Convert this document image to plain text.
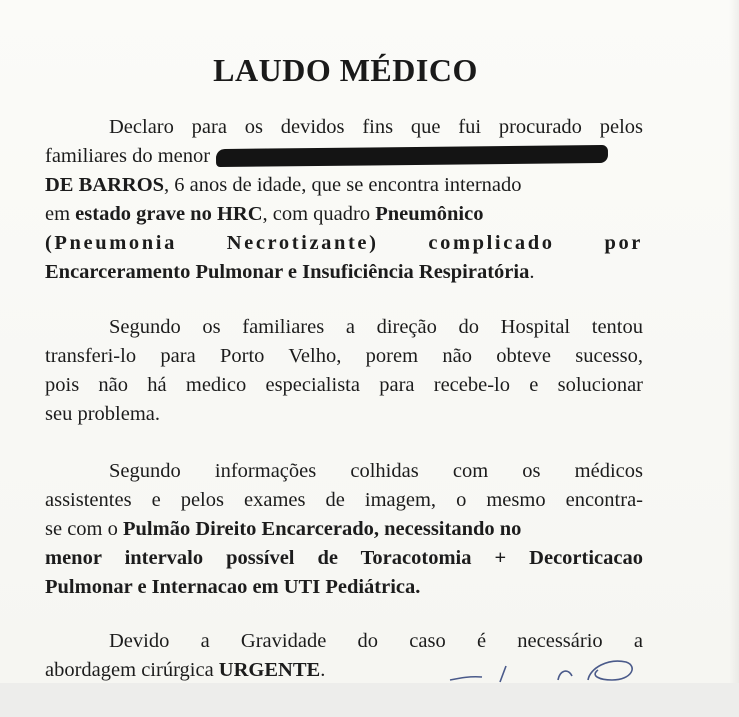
LAUDO MÉDICO
Declaro para os devidos fins que fui procurado pelos
familiares do menor
DE BARROS, 6 anos de idade, que se encontra internado
em estado grave no HRC, com quadro Pneumônico
(Pneumonia Necrotizante) complicado por
Encarceramento Pulmonar e Insuficiência Respiratória.
Segundo os familiares a direção do Hospital tentou
transferi-lo para Porto Velho, porem não obteve sucesso,
pois não há medico especialista para recebe-lo e solucionar
seu problema.
Segundo informações colhidas com os médicos
assistentes e pelos exames de imagem, o mesmo encontra-
se com o Pulmão Direito Encarcerado, necessitando no
menor intervalo possível de Toracotomia + Decorticacao
Pulmonar e Internacao em UTI Pediátrica.
Devido a Gravidade do caso é necessário a
abordagem cirúrgica URGENTE.
